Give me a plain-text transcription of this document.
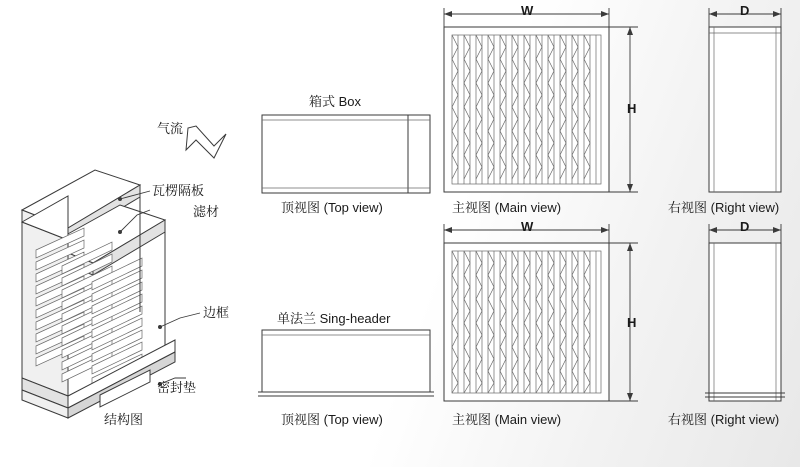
气流
瓦楞隔板
滤材
边框
密封垫
结构图
箱式 Box
顶视图 (Top view)	主视图 (Main view)	右视图 (Right view)
单法兰 Sing-header
顶视图 (Top view)	主视图 (Main view)	右视图 (Right view)
W
H
D
W
H
D
